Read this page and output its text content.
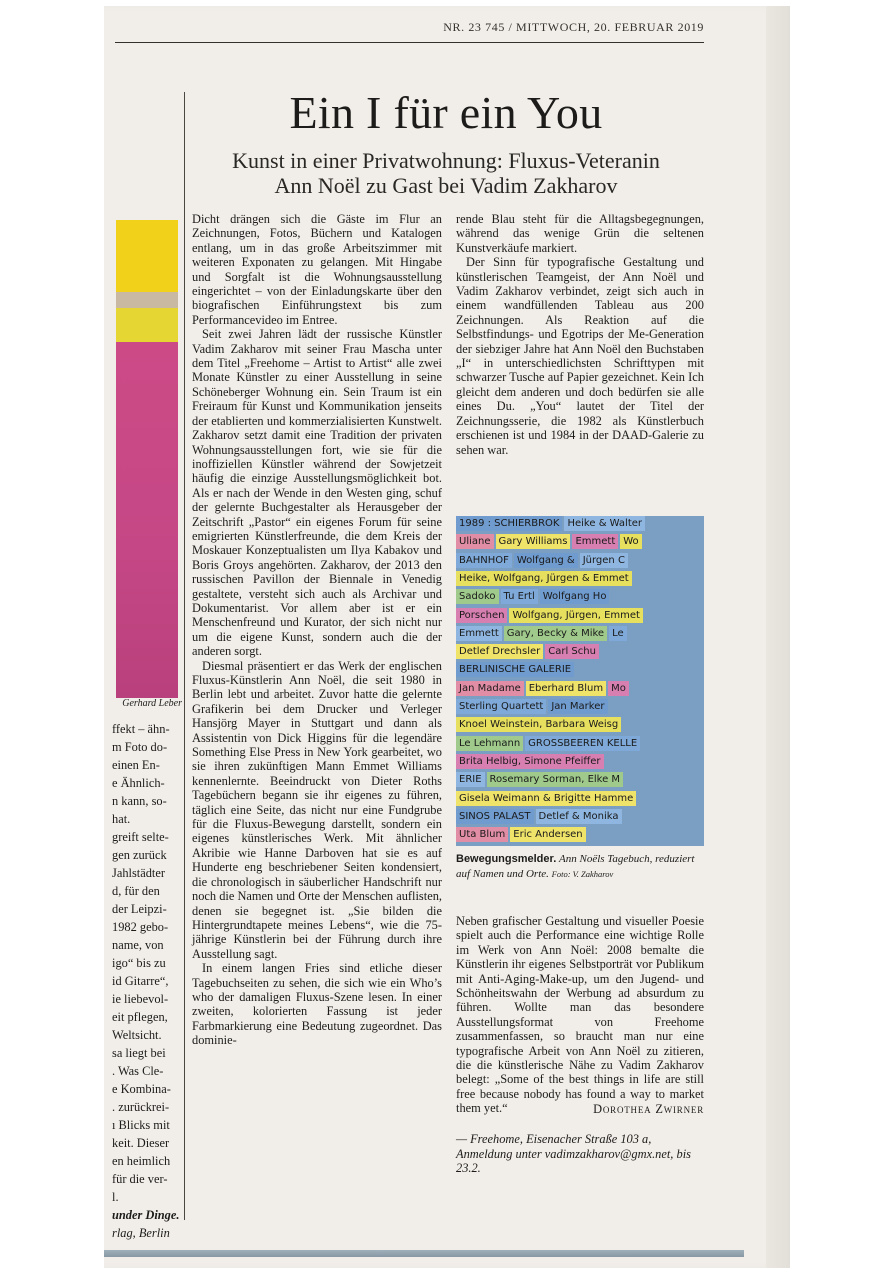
NR. 23 745 / MITTWOCH, 20. FEBRUAR 2019
Gerhard Leber
ffekt – ähn-
m Foto do-
einen En-
e Ähnlich-
n kann, so-
hat.
greift selte-
gen zurück
Jahlstädter
d, für den
der Leipzi-
1982 gebo-
name, von
igo“ bis zu
id Gitarre“,
ie liebevol-
eit pflegen,
Weltsicht.
sa liegt bei
. Was Cle-
e Kombina-
. zurückrei-
ı Blicks mit
keit. Dieser
en heimlich
für die ver-
l.
under Dinge.
rlag, Berlin
Ein I für ein You
Kunst in einer Privatwohnung: Fluxus-Veteranin
Ann Noël zu Gast bei Vadim Zakharov

Dicht drängen sich die Gäste im Flur an Zeichnungen, Fotos, Büchern und Katalogen entlang, um in das große Arbeitszimmer mit weiteren Exponaten zu gelangen. Mit Hingabe und Sorgfalt ist die Wohnungsausstellung eingerichtet – von der Einladungskarte über den biografischen Einführungstext bis zum Performancevideo im Entree.

Seit zwei Jahren lädt der russische Künstler Vadim Zakharov mit seiner Frau Mascha unter dem Titel „Freehome – Artist to Artist“ alle zwei Monate Künstler zu einer Ausstellung in seine Schöneberger Wohnung ein. Sein Traum ist ein Freiraum für Kunst und Kommunikation jenseits der etablierten und kommerzialisierten Kunstwelt. Zakharov setzt damit eine Tradition der privaten Wohnungsausstellungen fort, wie sie für die inoffiziellen Künstler während der Sowjetzeit häufig die einzige Ausstellungsmöglichkeit bot. Als er nach der Wende in den Westen ging, schuf der gelernte Buchgestalter als Herausgeber der Zeitschrift „Pastor“ ein eigenes Forum für seine emigrierten Künstlerfreunde, die dem Kreis der Moskauer Konzeptualisten um Ilya Kabakov und Boris Groys angehörten. Zakharov, der 2013 den russischen Pavillon der Biennale in Venedig gestaltete, versteht sich auch als Archivar und Dokumentarist. Vor allem aber ist er ein Menschenfreund und Kurator, der sich nicht nur um die eigene Kunst, sondern auch die der anderen sorgt.

Diesmal präsentiert er das Werk der englischen Fluxus-Künstlerin Ann Noël, die seit 1980 in Berlin lebt und arbeitet. Zuvor hatte die gelernte Grafikerin bei dem Drucker und Verleger Hansjörg Mayer in Stuttgart und dann als Assistentin von Dick Higgins für die legendäre Something Else Press in New York gearbeitet, wo sie ihren zukünftigen Mann Emmet Williams kennenlernte. Beeindruckt von Dieter Roths Tagebüchern begann sie ihr eigenes zu führen, täglich eine Seite, das nicht nur eine Fundgrube für die Fluxus-Bewegung darstellt, sondern ein eigenes künstlerisches Werk. Mit ähnlicher Akribie wie Hanne Darboven hat sie es auf Hunderte eng beschriebener Seiten kondensiert, die chronologisch in säuberlicher Handschrift nur noch die Namen und Orte der Menschen auflisten, denen sie begegnet ist. „Sie bilden die Hintergrundtapete meines Lebens“, wie die 75-jährige Künstlerin bei der Führung durch ihre Ausstellung sagt.

In einem langen Fries sind etliche dieser Tagebuchseiten zu sehen, die sich wie ein Who’s who der damaligen Fluxus-Szene lesen. In einer zweiten, kolorierten Fassung ist jeder Farbmarkierung eine Bedeutung zugeordnet. Das dominie-

rende Blau steht für die Alltagsbegegnungen, während das wenige Grün die seltenen Kunstverkäufe markiert.

Der Sinn für typografische Gestaltung und künstlerischen Teamgeist, der Ann Noël und Vadim Zakharov verbindet, zeigt sich auch in einem wandfüllenden Tableau aus 200 Zeichnungen. Als Reaktion auf die Selbstfindungs- und Egotrips der Me-Generation der siebziger Jahre hat Ann Noël den Buchstaben „I“ in unterschiedlichsten Schrifttypen mit schwarzer Tusche auf Papier gezeichnet. Kein Ich gleicht dem anderen und doch bedürfen sie alle eines Du. „You“ lautet der Titel der Zeichnungsserie, die 1982 als Künstlerbuch erschienen ist und 1984 in der DAAD-Galerie zu sehen war.

1989 : SCHIERBROK Heike & Walter
Uliane Gary Williams Emmett Wo
BAHNHOF Wolfgang & Jürgen C
Heike, Wolfgang, Jürgen & Emmet
Sadoko Tu Ertl Wolfgang Ho
Porschen Wolfgang, Jürgen, Emmet
Emmett Gary, Becky & Mike Le
Detlef Drechsler Carl Schu
BERLINISCHE GALERIE
Jan Madame Eberhard Blum Mo
Sterling Quartett Jan Marker
Knoel Weinstein, Barbara Weisg
Le Lehmann GROSSBEEREN KELLE
Brita Helbig, Simone Pfeiffer
ERIE Rosemary Sorman, Elke M
Gisela Weimann & Brigitte Hamme
SINOS PALAST Detlef & Monika
Uta Blum Eric Andersen
Bewegungsmelder. Ann Noëls Tagebuch, reduziert auf Namen und Orte. Foto: V. Zakharov

Neben grafischer Gestaltung und visueller Poesie spielt auch die Performance eine wichtige Rolle im Werk von Ann Noël: 2008 bemalte die Künstlerin ihr eigenes Selbstporträt vor Publikum mit Anti-Aging-Make-up, um den Jugend- und Schönheitswahn der Werbung ad absurdum zu führen. Wollte man das besondere Ausstellungsformat von Freehome zusammenfassen, so braucht man nur eine typografische Arbeit von Ann Noël zu zitieren, die die künstlerische Nähe zu Vadim Zakharov belegt: „Some of the best things in life are still free because nobody has found a way to market them yet.“	Dorothea Zwirner
— Freehome, Eisenacher Straße 103 a, Anmeldung unter vadimzakharov@gmx.net, bis 23.2.
